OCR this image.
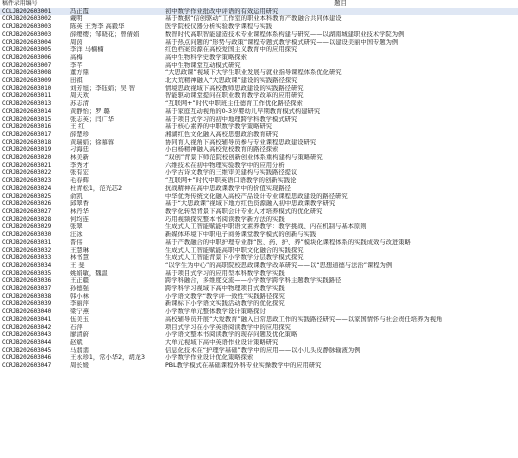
稿件录用编号		题目
CCLJB202603001	冯正霞	初中数学作业批改中评语的有效运用研究
CCRJB202603002	戴明	基于数据“信创驱动”工作室的职业本科教育产教融合共同体建设
CCRJB202603003	陈英 王秀李 高毅华	医学院校仪器分析实验教学课程与实践
CCRJB202603003	薛缨缨；邹晓花；曾倩娟	数智时代高职智能建造技术专业课程体系构建与研究——以湖南城建职业技术学院为例
CCRJB202603004	周茵	基于热点问题的“形势与政策”课程专题式教学模式研究——以建设美丽中国专题为例
CCRJB202603005	李洋 马楠楠	红色档案资源在高校爱国主义教育中的应用探究
CCRJB202603006	高梅	高中生物科学史教学策略探索
CCRJB202603007	李芊	高中生物课堂互动模式研究
CCRJB202603008	董方鼎	“大思政课”视域下大学生职业发展与就业指导课程体系优化研究
CCRJB202603009	田祺	北大荒精神融入“大思政课”建设的实践路径探究
CCRJB202603010	刘芳旭；李钰娟；吴 智	情境思政视域下高校教师思政建设的实践路径研究
CCRJB202603011	周天欢	智能驱动课堂提问在职业教育教学改革的应用研究
CCRJB202603013	苏志清	“互联网+”时代中职班主任德育工作优化路径探索
CCRJB202603014	黄静怡；罗 璐	基于家庭互动视角的0-3岁婴幼儿早期教育模式构建研究
CCRJB202603015	张志英；闫广华	基于项目式学习的初中地理跨学科教学模式研究
CCRJB202603016	王 红	基于核心素养的中职数学教学策略研究
CCRJB202603017	薛楚珍	湘湖红色文化融入高校思想政治教育研究
CCRJB202603018	黄瑞娟；徐慕蓉	协同育人视角下高校辅导员参与专业课程思政建设研究
CCRJB202603019	刁海廷	小白杨精神融入高校党校教育的路径探索
CCRJB202603020	林美新	“双创”背景下师范院校创新创业体系重构建构与策略研究
CCRJB202603021	李秀才	六维技术在初中物理实验教学中的应用分析
CCRJB202603022	张有宏	小学古诗文教学的三维审美建构与实践路径提议
CCRJB202603023	毛春辉	“互联网+”时代中职英语口语教学的创新实践论
CCRJB202603024	杜青松1，范光芯2	抗战精神在高中思政课教学中的价值实现路径
CCRJB202603025	俞凯	中华优秀传统文化融入高校产品设计专业课程思政建设的路径研究
CCRJB202603026	邱翠香	基于“大思政课”视域下地方红色资源融入初中思政课教学研究
CCRJB202603027	林丹华	教学化转型背景下高职会计专业人才培养模式的优化研究
CCRJB202603028	何均连	巧用视频探究整本书阅读教学新方法的实践
CCRJB202603029	张翠	生成式人工智能赋能中职语文素养教学：教学挑战、内在机制与基本原则
CCRJB202603030	汪冰	新媒体环境下中职电子商务课堂教学模式的创新与实践
CCRJB202603031	晋伟	基于产教融合的中职护理专业群“医、药、护、养”模块化课程体系的实践成效与改进策略
CCRJB202603032	王慧琳	生成式人工智能赋能高职中职文化融合的实践探究
CCRJB202603033	林书慧	生成式人工智能背景下小学数学分层教学模式探究
CCRJB202603034	王 斐	“以学生为中心”的高职院校思政课教学改革研究——以“思想道德与法治”课程为例
CCRJB202603035	姚娟敏，魏温	基于项目式学习的应用型本科数学教学实践
CCRJB202603036	王正疆	跨学科融合，多维度交流——小学数学跨学科主题教学实践路径
CCRJB202603037	孙德强	跨学科学习视域下高中物理项目式教学实践
CCRJB202603038	韩小林	小学语文教学“教学评一致性”实践路径探究
CCRJB202603039	李丽萍	新课标下小学语文实践活动教学的优化探究
CCRJB202603040	梁宁燕	小学数学单元整体教学设计策略探讨
CCRJB202603041	伍美玉	高校辅导员开展“大爱教育”融入日常思政工作的实践路径研究——以家国情怀与社会责任培养为视角
CCRJB202603042	石萍	项目式学习在小学英语阅读教学中的应用探究
CCRJB202603043	廖清蔚	小学语文整本书阅读教学的现存问题及优化策略
CCRJB202603044	赵斌	大单元视域下高中英语作业设计策略研究
CCRJB202603045	马翡翡	信息化技术在“护理学基础”教学中的应用——以小儿头皮静脉输液为例
CCRJB202603046	王永珍1，常小华2，胡龙3	小学数学作业设计优化策略探索
CCRJB202603047	周长媛	PBL教学模式在基础课程外科专业实操教学中的应用研究
